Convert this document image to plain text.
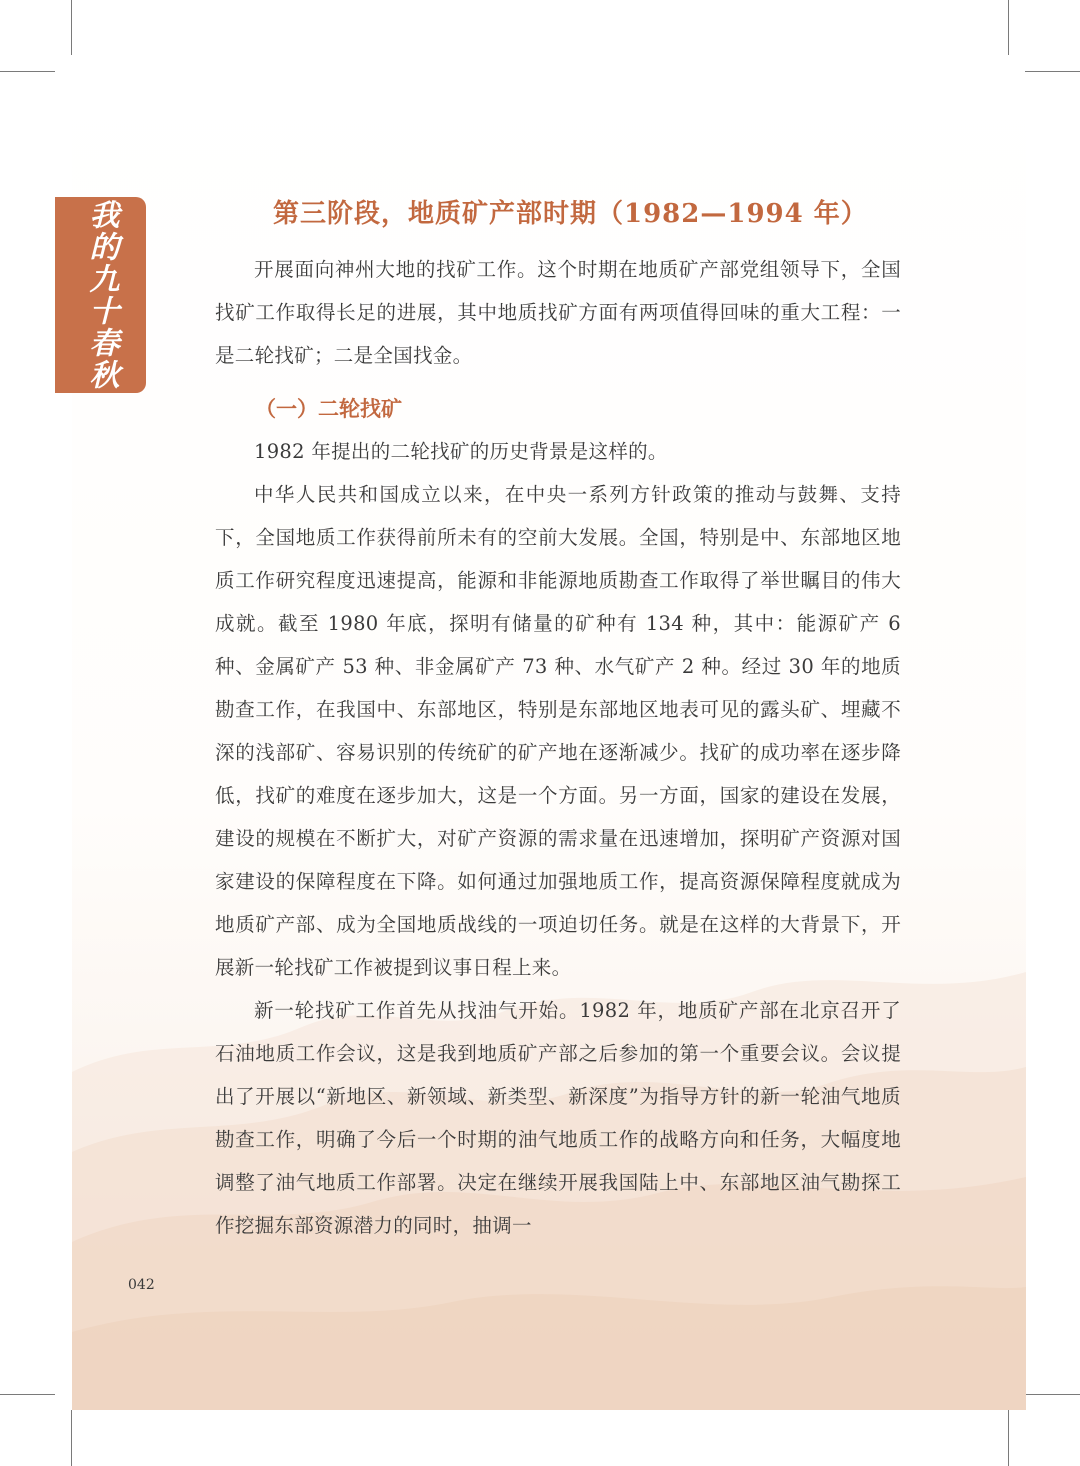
我的九十春秋	第三阶段，地质矿产部时期（1982—1994 年）

开展面向神州大地的找矿工作。这个时期在地质矿产部党组领导下，全国找矿工作取得长足的进展，其中地质找矿方面有两项值得回味的重大工程：一是二轮找矿；二是全国找金。

（一）二轮找矿

1982 年提出的二轮找矿的历史背景是这样的。

中华人民共和国成立以来，在中央一系列方针政策的推动与鼓舞、支持下，全国地质工作获得前所未有的空前大发展。全国，特别是中、东部地区地质工作研究程度迅速提高，能源和非能源地质勘查工作取得了举世瞩目的伟大成就。截至 1980 年底，探明有储量的矿种有 134 种，其中：能源矿产 6 种、金属矿产 53 种、非金属矿产 73 种、水气矿产 2 种。经过 30 年的地质勘查工作，在我国中、东部地区，特别是东部地区地表可见的露头矿、埋藏不深的浅部矿、容易识别的传统矿的矿产地在逐渐减少。找矿的成功率在逐步降低，找矿的难度在逐步加大，这是一个方面。另一方面，国家的建设在发展，建设的规模在不断扩大，对矿产资源的需求量在迅速增加，探明矿产资源对国家建设的保障程度在下降。如何通过加强地质工作，提高资源保障程度就成为地质矿产部、成为全国地质战线的一项迫切任务。就是在这样的大背景下，开展新一轮找矿工作被提到议事日程上来。

新一轮找矿工作首先从找油气开始。1982 年，地质矿产部在北京召开了石油地质工作会议，这是我到地质矿产部之后参加的第一个重要会议。会议提出了开展以“新地区、新领域、新类型、新深度”为指导方针的新一轮油气地质勘查工作，明确了今后一个时期的油气地质工作的战略方向和任务，大幅度地调整了油气地质工作部署。决定在继续开展我国陆上中、东部地区油气勘探工作挖掘东部资源潜力的同时，抽调一

042
